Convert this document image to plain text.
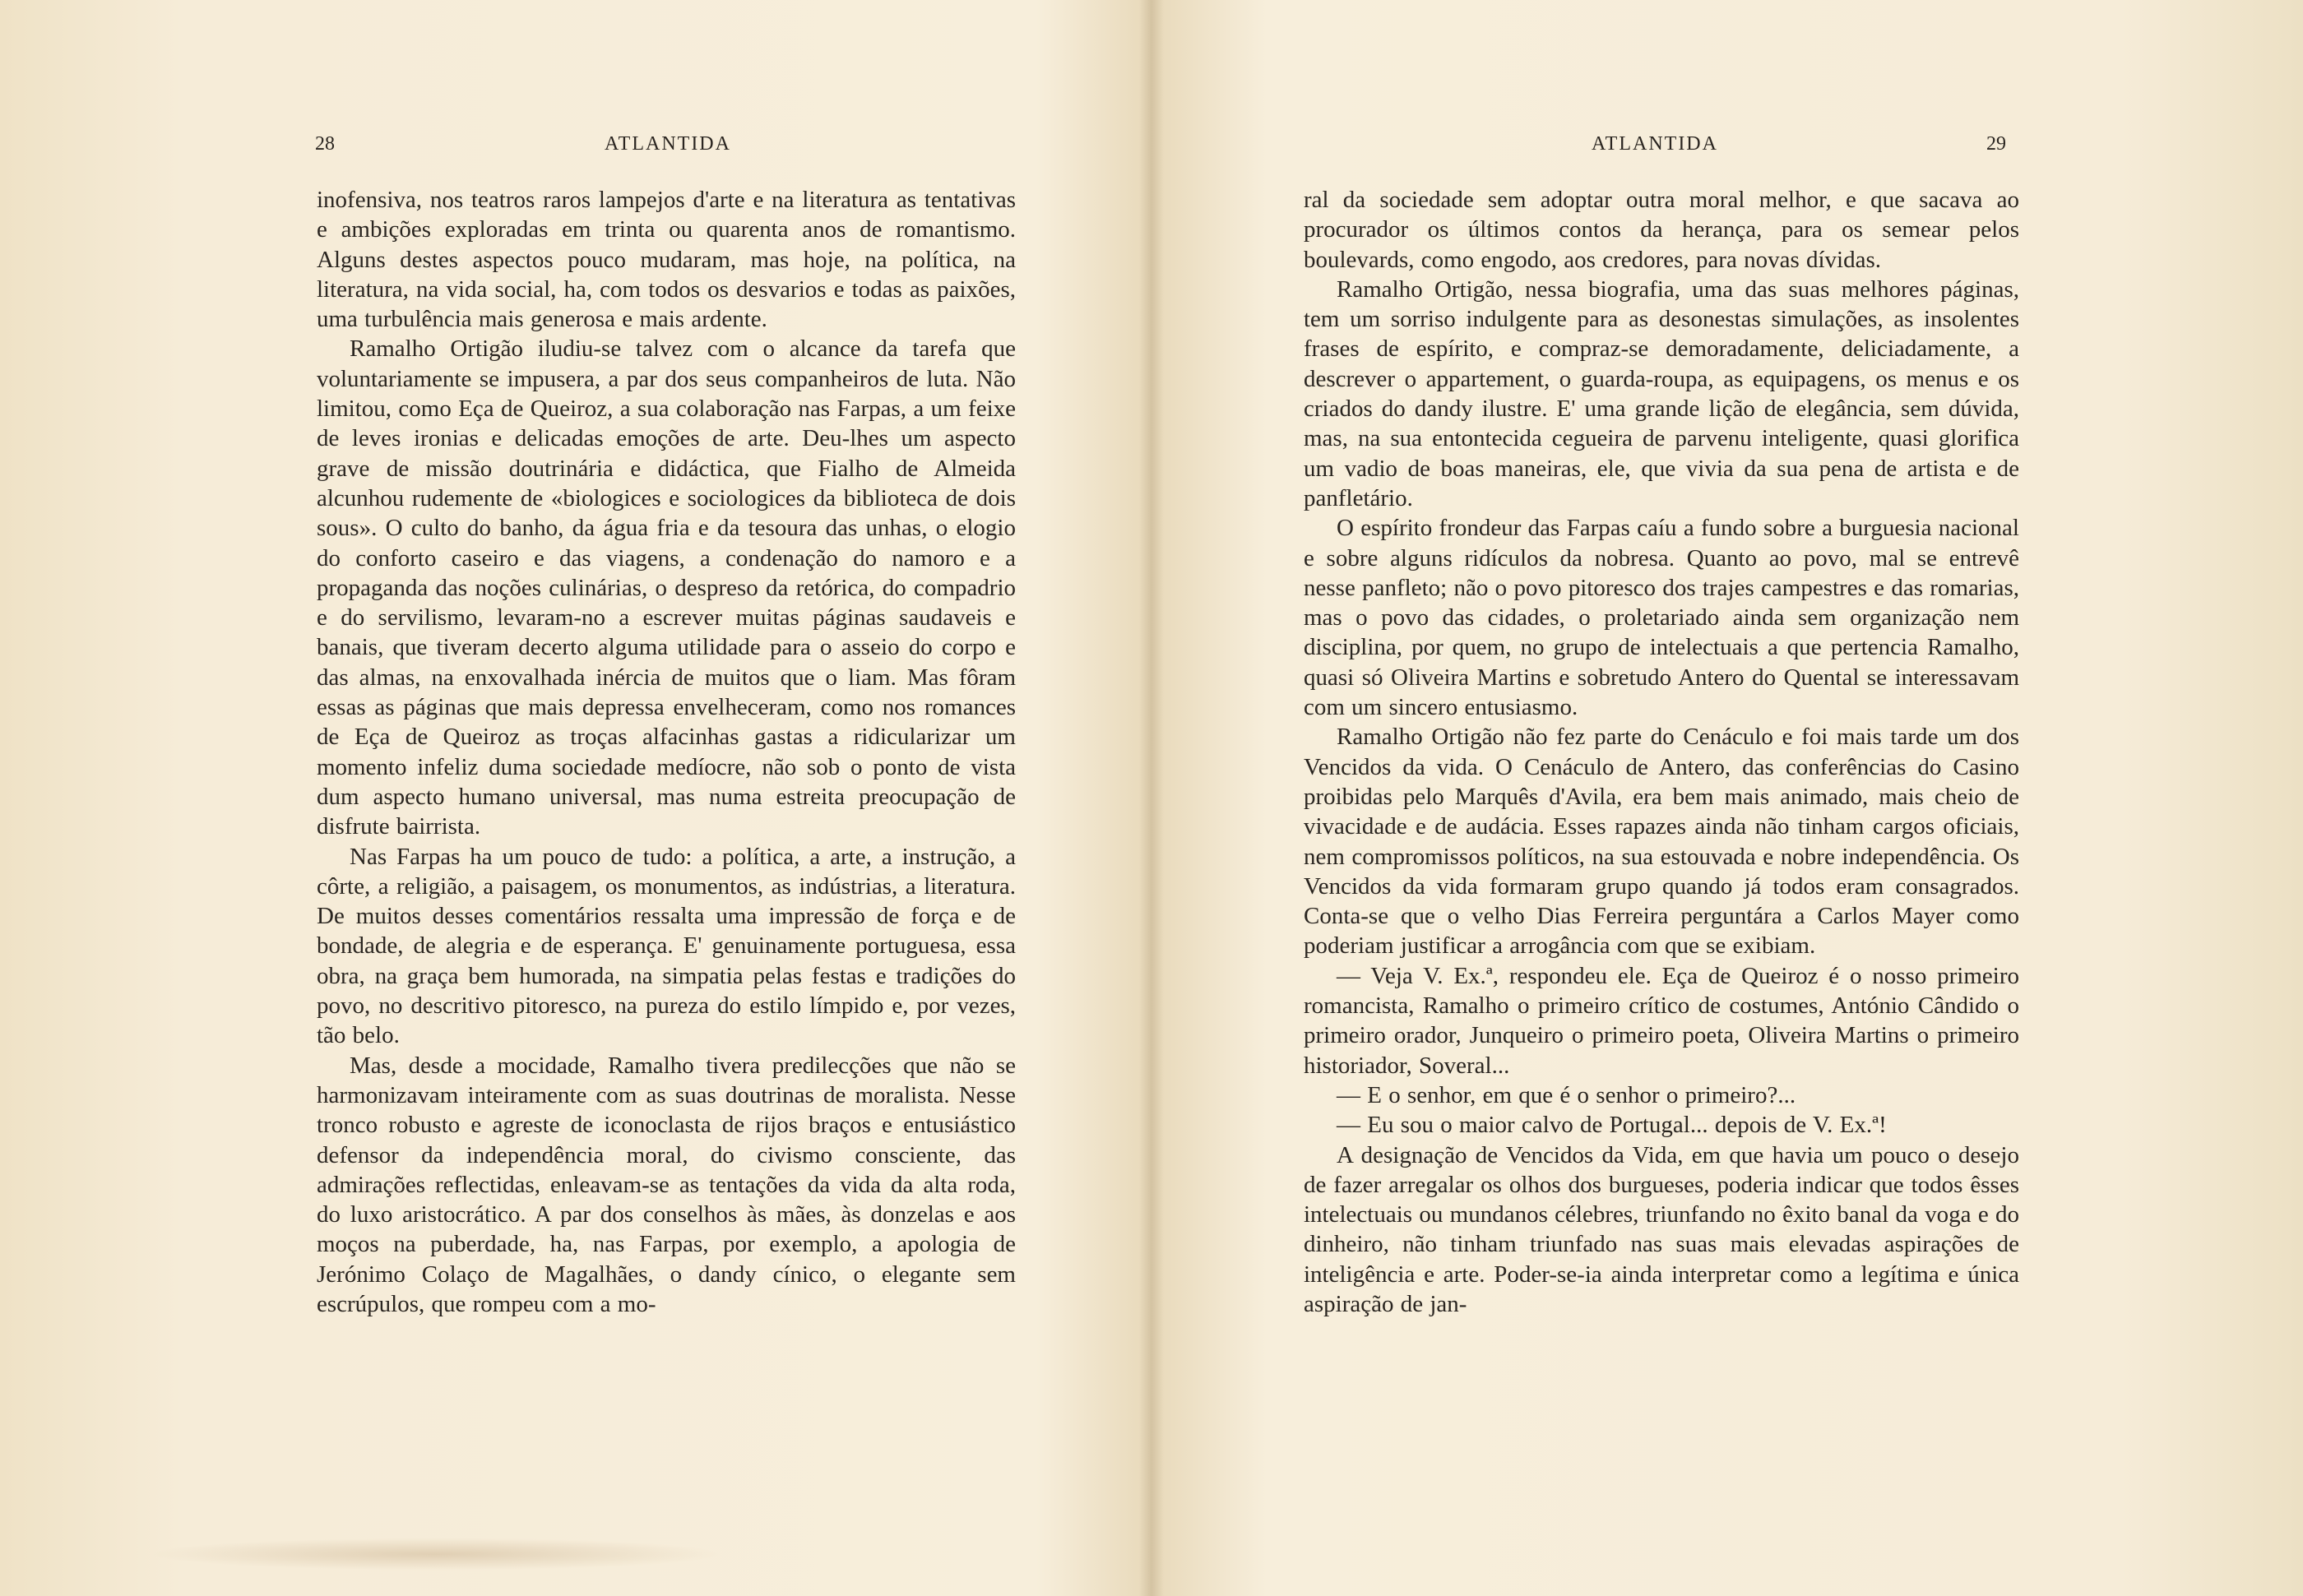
28	ATLANTIDA

inofensiva, nos teatros raros lampejos d'arte e na literatura as tentativas e ambições exploradas em trinta ou quarenta anos de romantismo. Alguns destes aspectos pouco mudaram, mas hoje, na política, na literatura, na vida social, ha, com todos os desvarios e todas as paixões, uma turbulência mais generosa e mais ardente.

Ramalho Ortigão iludiu-se talvez com o alcance da tarefa que voluntariamente se impusera, a par dos seus companheiros de luta. Não limitou, como Eça de Queiroz, a sua colaboração nas Farpas, a um feixe de leves ironias e delicadas emoções de arte. Deu-lhes um aspecto grave de missão doutrinária e didáctica, que Fialho de Almeida alcunhou rudemente de «biologices e sociologices da biblioteca de dois sous». O culto do banho, da água fria e da tesoura das unhas, o elogio do conforto caseiro e das viagens, a condenação do namoro e a propaganda das noções culinárias, o despreso da retórica, do compadrio e do servilismo, levaram-no a escrever muitas páginas saudaveis e banais, que tiveram decerto alguma utilidade para o asseio do corpo e das almas, na enxovalhada inércia de muitos que o liam. Mas fôram essas as páginas que mais depressa envelheceram, como nos romances de Eça de Queiroz as troças alfacinhas gastas a ridicularizar um momento infeliz duma sociedade medíocre, não sob o ponto de vista dum aspecto humano universal, mas numa estreita preocupação de disfrute bairrista.

Nas Farpas ha um pouco de tudo: a política, a arte, a instrução, a côrte, a religião, a paisagem, os monumentos, as indústrias, a literatura. De muitos desses comentários ressalta uma impressão de força e de bondade, de alegria e de esperança. E' genuinamente portuguesa, essa obra, na graça bem humorada, na simpatia pelas festas e tradições do povo, no descritivo pitoresco, na pureza do estilo límpido e, por vezes, tão belo.

Mas, desde a mocidade, Ramalho tivera predilecções que não se harmonizavam inteiramente com as suas doutrinas de moralista. Nesse tronco robusto e agreste de iconoclasta de rijos braços e entusiástico defensor da independência moral, do civismo consciente, das admirações reflectidas, enleavam-se as tentações da vida da alta roda, do luxo aristocrático. A par dos conselhos às mães, às donzelas e aos moços na puberdade, ha, nas Farpas, por exemplo, a apologia de Jerónimo Colaço de Magalhães, o dandy cínico, o elegante sem escrúpulos, que rompeu com a mo-

ATLANTIDA	29

ral da sociedade sem adoptar outra moral melhor, e que sacava ao procurador os últimos contos da herança, para os semear pelos boulevards, como engodo, aos credores, para novas dívidas.

Ramalho Ortigão, nessa biografia, uma das suas melhores páginas, tem um sorriso indulgente para as desonestas simulações, as insolentes frases de espírito, e compraz-se demoradamente, deliciadamente, a descrever o appartement, o guarda-roupa, as equipagens, os menus e os criados do dandy ilustre. E' uma grande lição de elegância, sem dúvida, mas, na sua entontecida cegueira de parvenu inteligente, quasi glorifica um vadio de boas maneiras, ele, que vivia da sua pena de artista e de panfletário.

O espírito frondeur das Farpas caíu a fundo sobre a burguesia nacional e sobre alguns ridículos da nobresa. Quanto ao povo, mal se entrevê nesse panfleto; não o povo pitoresco dos trajes campestres e das romarias, mas o povo das cidades, o proletariado ainda sem organização nem disciplina, por quem, no grupo de intelectuais a que pertencia Ramalho, quasi só Oliveira Martins e sobretudo Antero do Quental se interessavam com um sincero entusiasmo.

Ramalho Ortigão não fez parte do Cenáculo e foi mais tarde um dos Vencidos da vida. O Cenáculo de Antero, das conferências do Casino proibidas pelo Marquês d'Avila, era bem mais animado, mais cheio de vivacidade e de audácia. Esses rapazes ainda não tinham cargos oficiais, nem compromissos políticos, na sua estouvada e nobre independência. Os Vencidos da vida formaram grupo quando já todos eram consagrados. Conta-se que o velho Dias Ferreira perguntára a Carlos Mayer como poderiam justificar a arrogância com que se exibiam.

— Veja V. Ex.ª, respondeu ele. Eça de Queiroz é o nosso primeiro romancista, Ramalho o primeiro crítico de costumes, António Cândido o primeiro orador, Junqueiro o primeiro poeta, Oliveira Martins o primeiro historiador, Soveral...

— E o senhor, em que é o senhor o primeiro?...

— Eu sou o maior calvo de Portugal... depois de V. Ex.ª!

A designação de Vencidos da Vida, em que havia um pouco o desejo de fazer arregalar os olhos dos burgueses, poderia indicar que todos êsses intelectuais ou mundanos célebres, triunfando no êxito banal da voga e do dinheiro, não tinham triunfado nas suas mais elevadas aspirações de inteligência e arte. Poder-se-ia ainda interpretar como a legítima e única aspiração de jan-
